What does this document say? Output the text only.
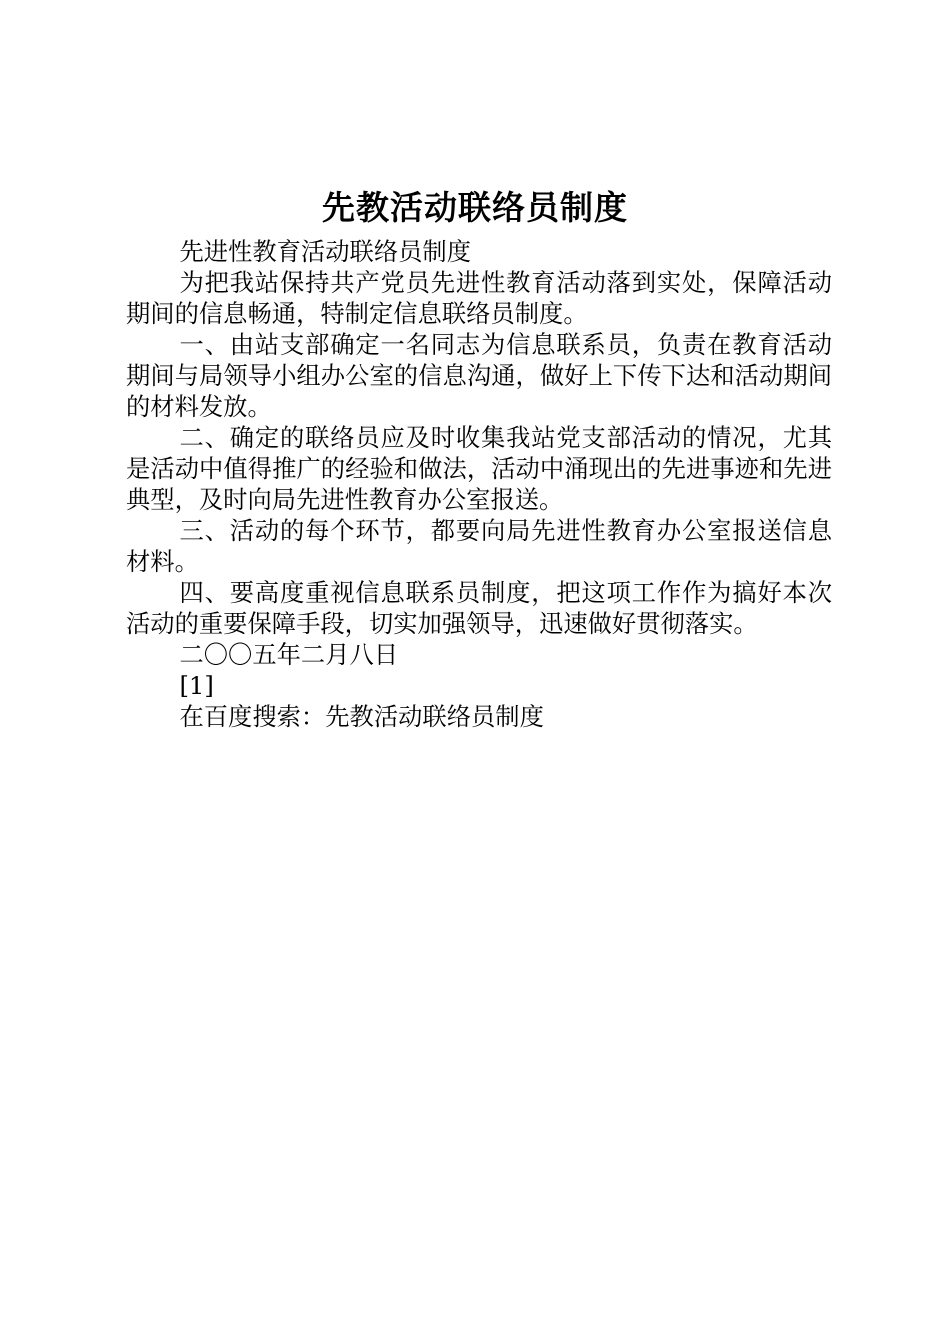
先教活动联络员制度

先进性教育活动联络员制度

为把我站保持共产党员先进性教育活动落到实处，保障活动期间的信息畅通，特制定信息联络员制度。

一、由站支部确定一名同志为信息联系员，负责在教育活动期间与局领导小组办公室的信息沟通，做好上下传下达和活动期间的材料发放。

二、确定的联络员应及时收集我站党支部活动的情况，尤其是活动中值得推广的经验和做法，活动中涌现出的先进事迹和先进典型，及时向局先进性教育办公室报送。

三、活动的每个环节，都要向局先进性教育办公室报送信息材料。

四、要高度重视信息联系员制度，把这项工作作为搞好本次活动的重要保障手段，切实加强领导，迅速做好贯彻落实。

二〇〇五年二月八日

[1]

在百度搜索：先教活动联络员制度
